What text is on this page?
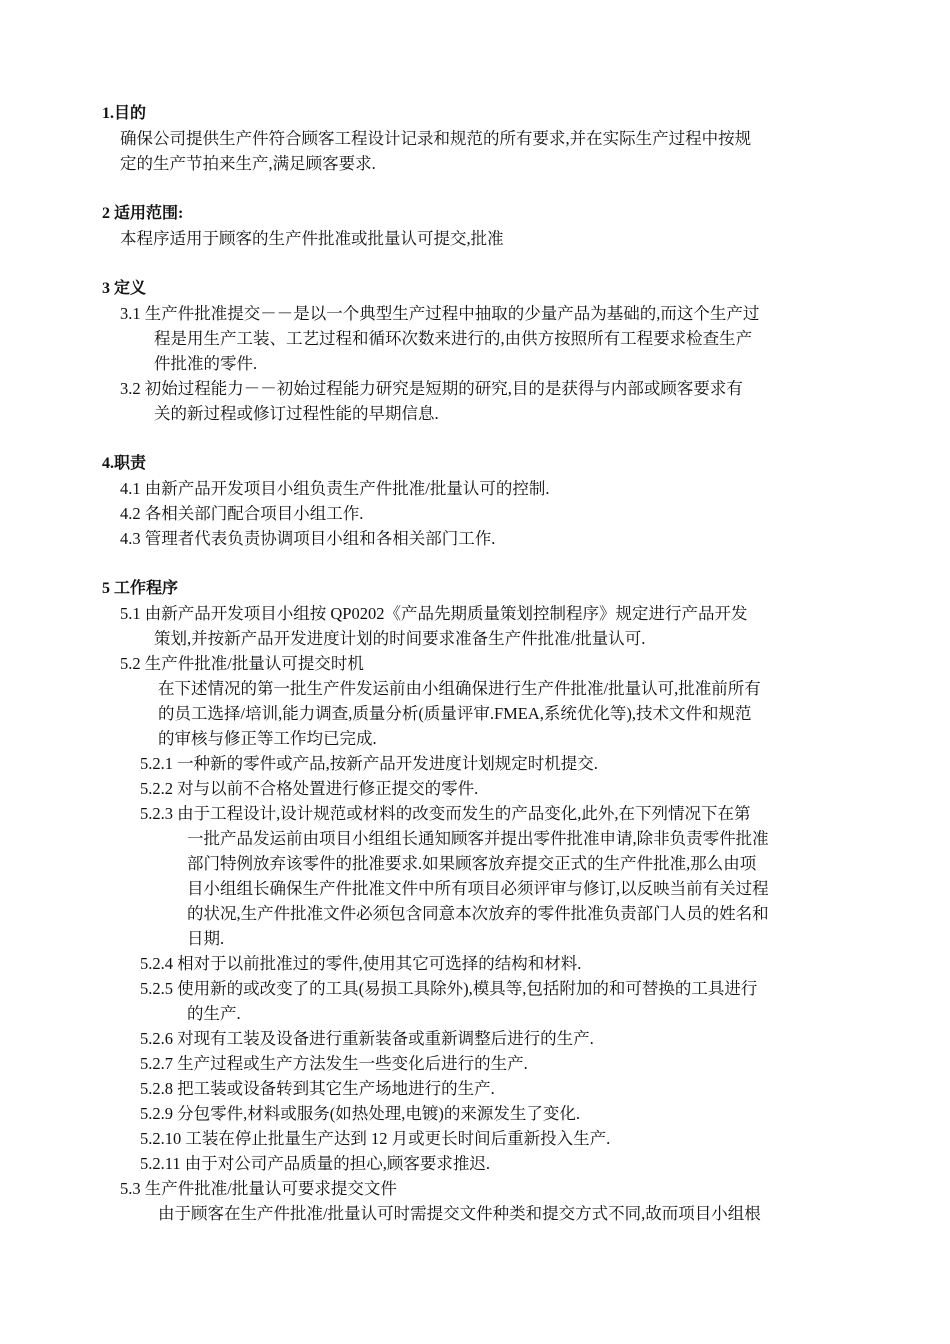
1.目的
确保公司提供生产件符合顾客工程设计记录和规范的所有要求,并在实际生产过程中按规
定的生产节拍来生产,满足顾客要求.
2 适用范围:
本程序适用于顾客的生产件批准或批量认可提交,批准
3 定义
3.1 生产件批准提交－－是以一个典型生产过程中抽取的少量产品为基础的,而这个生产过
程是用生产工装、工艺过程和循环次数来进行的,由供方按照所有工程要求检查生产
件批准的零件.
3.2 初始过程能力－－初始过程能力研究是短期的研究,目的是获得与内部或顾客要求有
关的新过程或修订过程性能的早期信息.
4.职责
4.1 由新产品开发项目小组负责生产件批准/批量认可的控制.
4.2 各相关部门配合项目小组工作.
4.3 管理者代表负责协调项目小组和各相关部门工作.
5 工作程序
5.1 由新产品开发项目小组按 QP0202《产品先期质量策划控制程序》规定进行产品开发
策划,并按新产品开发进度计划的时间要求准备生产件批准/批量认可.
5.2 生产件批准/批量认可提交时机
在下述情况的第一批生产件发运前由小组确保进行生产件批准/批量认可,批准前所有
的员工选择/培训,能力调查,质量分析(质量评审.FMEA,系统优化等),技术文件和规范
的审核与修正等工作均已完成.
5.2.1 一种新的零件或产品,按新产品开发进度计划规定时机提交.
5.2.2 对与以前不合格处置进行修正提交的零件.
5.2.3 由于工程设计,设计规范或材料的改变而发生的产品变化,此外,在下列情况下在第
一批产品发运前由项目小组组长通知顾客并提出零件批准申请,除非负责零件批准
部门特例放弃该零件的批准要求.如果顾客放弃提交正式的生产件批准,那么由项
目小组组长确保生产件批准文件中所有项目必须评审与修订,以反映当前有关过程
的状况,生产件批准文件必须包含同意本次放弃的零件批准负责部门人员的姓名和
日期.
5.2.4 相对于以前批准过的零件,使用其它可选择的结构和材料.
5.2.5 使用新的或改变了的工具(易损工具除外),模具等,包括附加的和可替换的工具进行
的生产.
5.2.6 对现有工装及设备进行重新装备或重新调整后进行的生产.
5.2.7 生产过程或生产方法发生一些变化后进行的生产.
5.2.8 把工装或设备转到其它生产场地进行的生产.
5.2.9 分包零件,材料或服务(如热处理,电镀)的来源发生了变化.
5.2.10 工装在停止批量生产达到 12 月或更长时间后重新投入生产.
5.2.11 由于对公司产品质量的担心,顾客要求推迟.
5.3 生产件批准/批量认可要求提交文件
由于顾客在生产件批准/批量认可时需提交文件种类和提交方式不同,故而项目小组根
